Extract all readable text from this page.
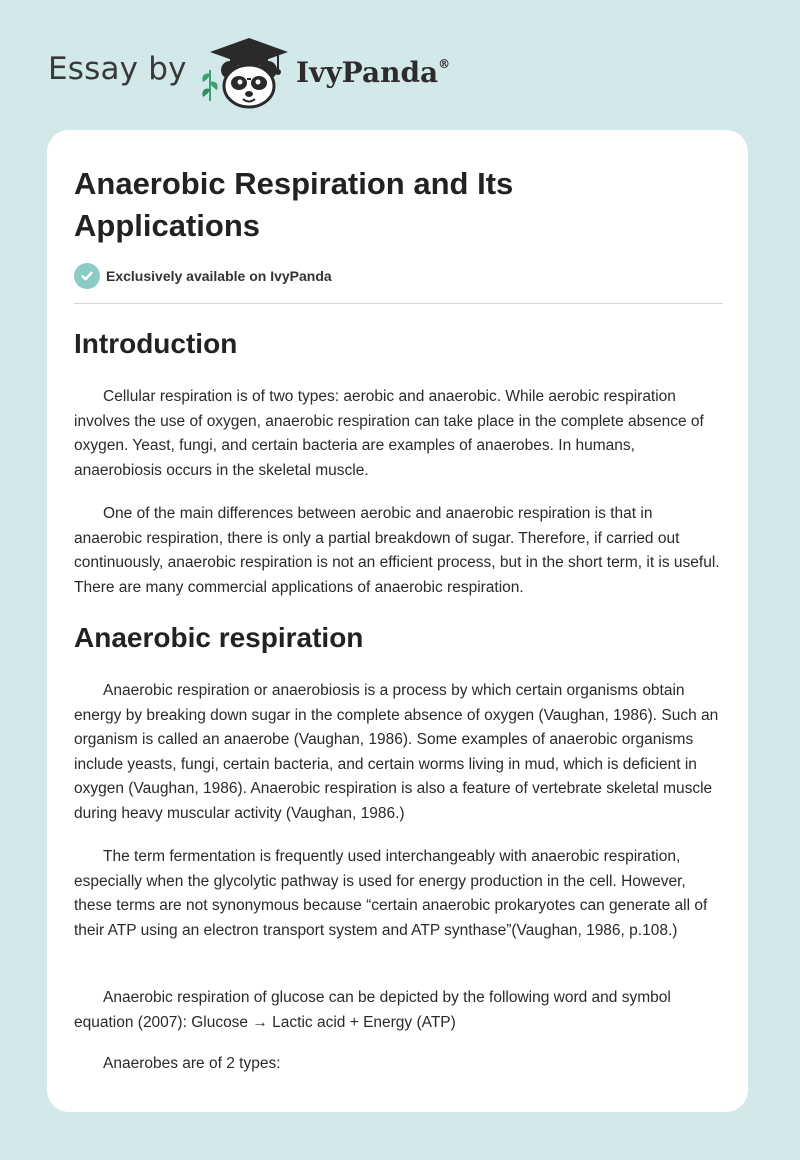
Essay by	IvyPanda®
Anaerobic Respiration and Its Applications
Exclusively available on IvyPanda
Introduction

Cellular respiration is of two types: aerobic and anaerobic. While aerobic respiration involves the use of oxygen, anaerobic respiration can take place in the complete absence of oxygen. Yeast, fungi, and certain bacteria are examples of anaerobes. In humans, anaerobiosis occurs in the skeletal muscle.

One of the main differences between aerobic and anaerobic respiration is that in anaerobic respiration, there is only a partial breakdown of sugar. Therefore, if carried out continuously, anaerobic respiration is not an efficient process, but in the short term, it is useful. There are many commercial applications of anaerobic respiration.

Anaerobic respiration

Anaerobic respiration or anaerobiosis is a process by which certain organisms obtain energy by breaking down sugar in the complete absence of oxygen (Vaughan, 1986). Such an organism is called an anaerobe (Vaughan, 1986). Some examples of anaerobic organisms include yeasts, fungi, certain bacteria, and certain worms living in mud, which is deficient in oxygen (Vaughan, 1986). Anaerobic respiration is also a feature of vertebrate skeletal muscle during heavy muscular activity (Vaughan, 1986.)

The term fermentation is frequently used interchangeably with anaerobic respiration, especially when the glycolytic pathway is used for energy production in the cell. However, these terms are not synonymous because “certain anaerobic prokaryotes can generate all of their ATP using an electron transport system and ATP synthase”(Vaughan, 1986, p.108.)

Anaerobic respiration of glucose can be depicted by the following word and symbol equation (2007): Glucose → Lactic acid + Energy (ATP)

Anaerobes are of 2 types:
